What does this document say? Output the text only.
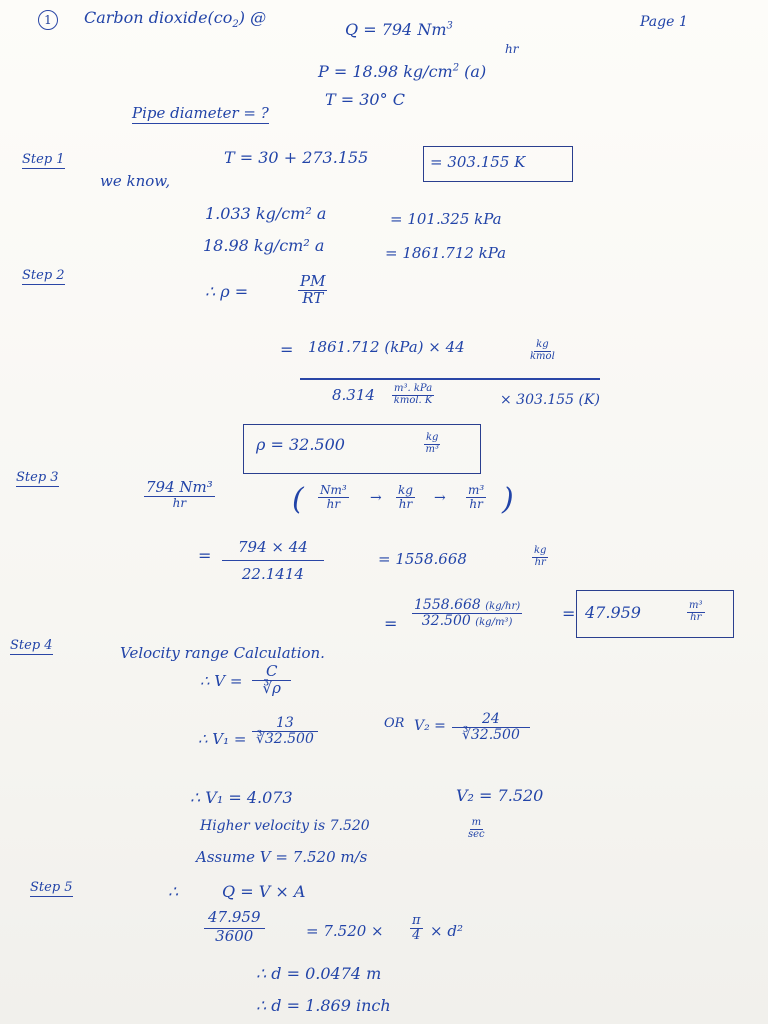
1	Carbon $dioxide(co_2)$ @
Q = 794 Nm$^3$
hr
Page 1
P = 18.98 $kg/cm^2$ (a)
T = 30° C
Pipe diameter = ?
Step 1	T = 30 + 273.155	= 303.155 K
we know,
1.033 kg/cm² a	= 101.325 kPa
18.98 kg/cm² a	= 1861.712 kPa
Step 2
∴ ρ =	$\frac{PM}{RT}$
= 1861.712 (kPa) × 44	kg
kmol
8.314 m³. kPa
kmol. K	× 303.155 (K)
ρ = 32.500	$\frac{kg}{\text{m³}}$
Step 3
794 Nm³
hr	( $\frac{\text{Nm³}}{hr} \to \frac{kg}{hr} \to \frac{\text{m³}}{hr}$ )
= $\frac{794 \times 44}{22.1414}$	= 1558.668	$\frac{kg}{hr}$
= $\frac{1558.668 (kg/hr)}{\text{32.500 (kg/m³)}} = 47.959$	$\frac{\text{m³}}{hr}$
Step 4	Velocity range Calculation.
∴ $V = \frac{C}{∛\rho}$
∴ $V_1 = \frac{13}{∛32.500}$	OR $V_2 = \frac{24}{∛32.500}$
∴ V₁ = 4.073	V₂ = 7.520
Higher velocity is 7.520	m
sec
Assume V = 7.520 m/s
Step 5	∴	Q = V × A
$\frac{47.959}{3600}$	= $7.520 \times \frac{\pi}{4} \times d^2$
∴ d = 0.0474 m
∴ d = 1.869 inch
